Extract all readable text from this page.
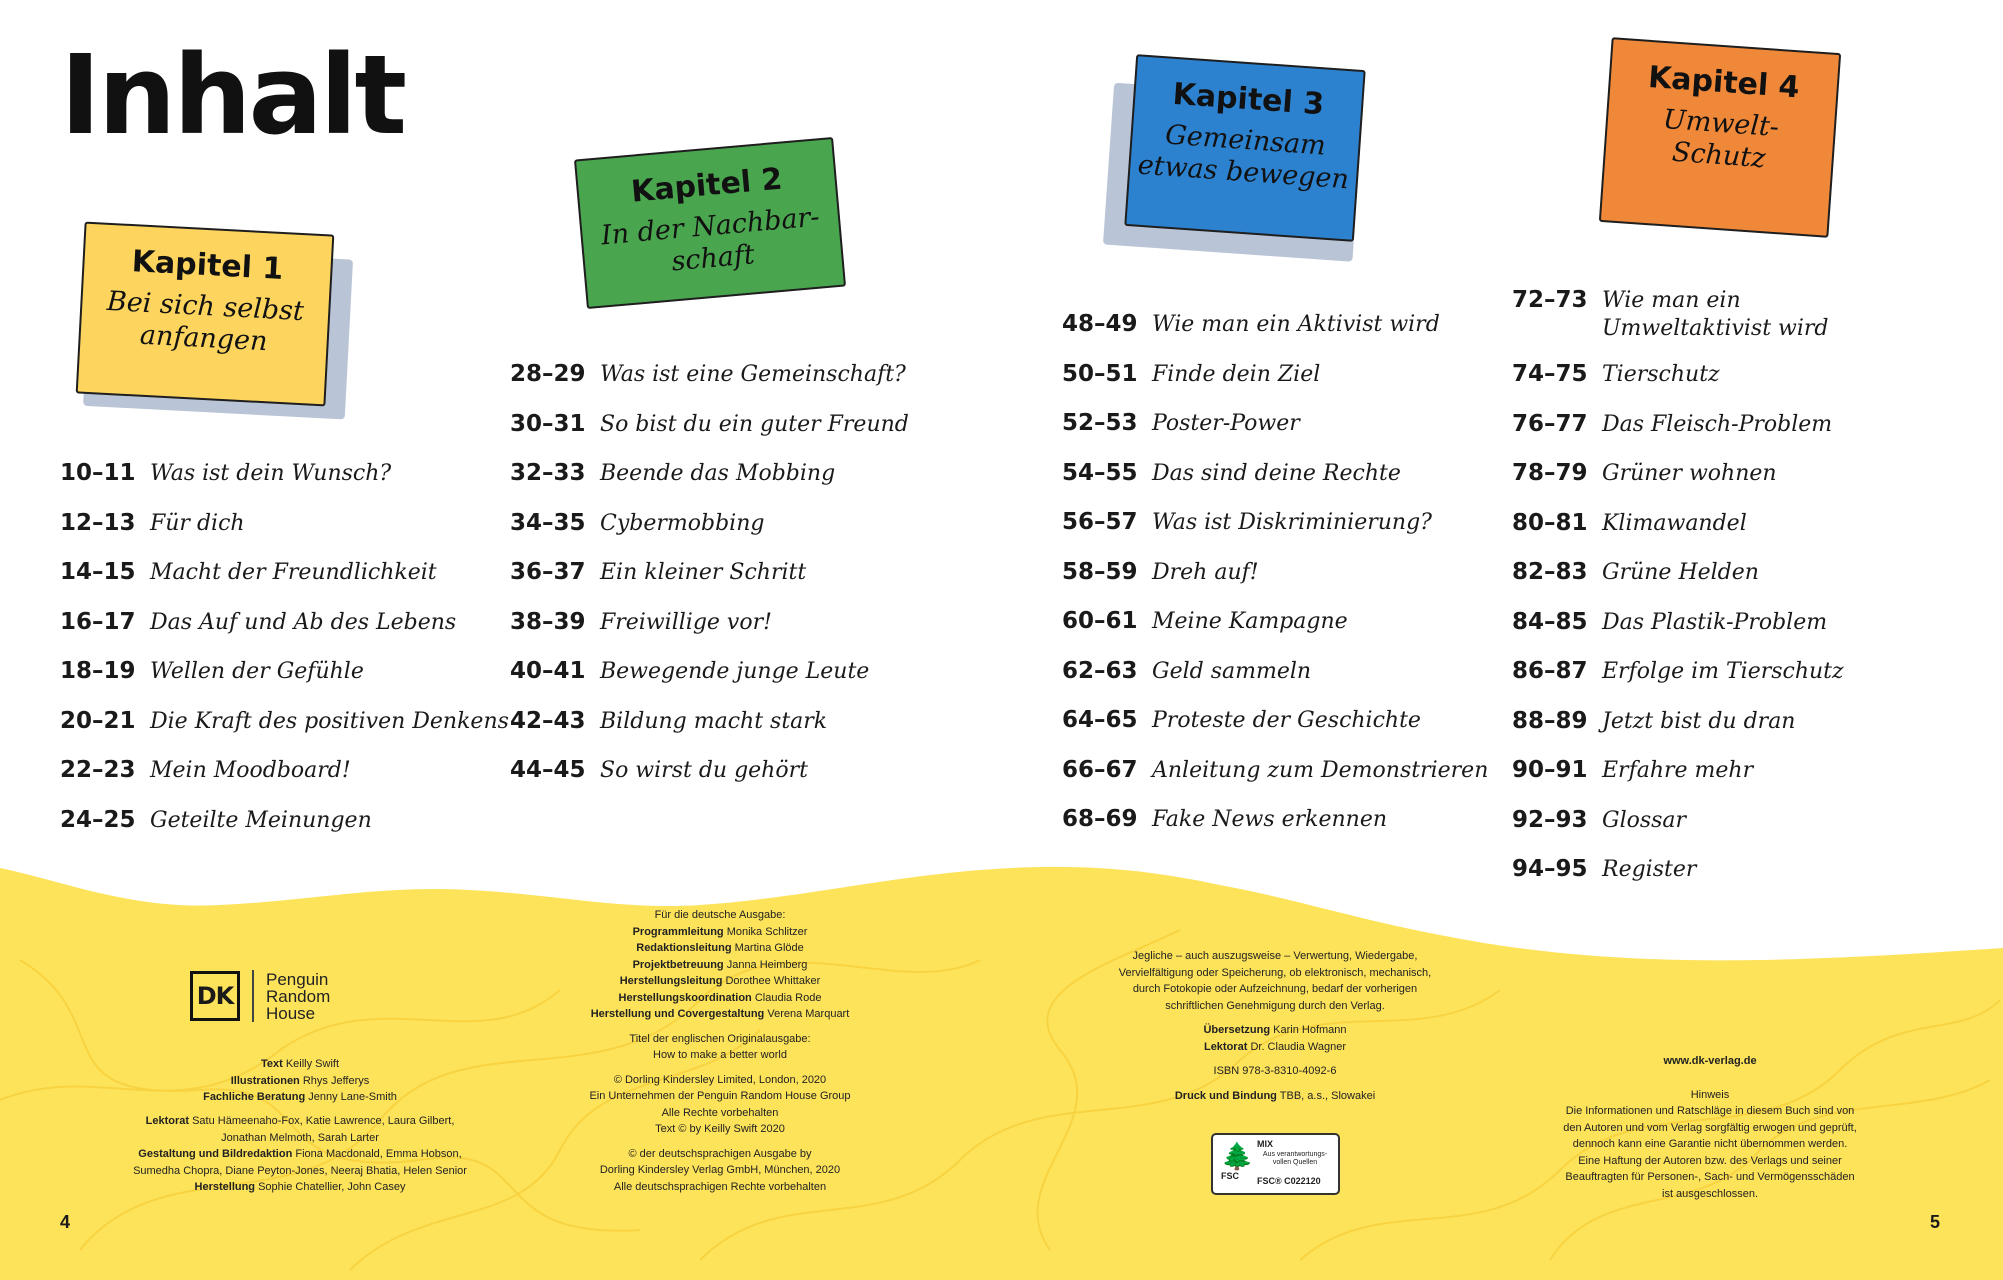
Inhalt
Kapitel 1
Bei sich selbst
anfangen
Kapitel 2
In der Nachbar-
schaft
Kapitel 3
Gemeinsam
etwas bewegen
Kapitel 4
Umwelt-
Schutz
10–11 Was ist dein Wunsch?
12–13 Für dich
14–15 Macht der Freundlichkeit
16–17 Das Auf und Ab des Lebens
18–19 Wellen der Gefühle
20–21 Die Kraft des positiven Denkens
22–23 Mein Moodboard!
24–25 Geteilte Meinungen
28–29 Was ist eine Gemeinschaft?
30–31 So bist du ein guter Freund
32–33 Beende das Mobbing
34–35 Cybermobbing
36–37 Ein kleiner Schritt
38–39 Freiwillige vor!
40–41 Bewegende junge Leute
42–43 Bildung macht stark
44–45 So wirst du gehört
48–49 Wie man ein Aktivist wird
50–51 Finde dein Ziel
52–53 Poster-Power
54–55 Das sind deine Rechte
56–57 Was ist Diskriminierung?
58–59 Dreh auf!
60–61 Meine Kampagne
62–63 Geld sammeln
64–65 Proteste der Geschichte
66–67 Anleitung zum Demonstrieren
68–69 Fake News erkennen
72–73 Wie man ein
Umweltaktivist wird
74–75 Tierschutz
76–77 Das Fleisch-Problem
78–79 Grüner wohnen
80–81 Klimawandel
82–83 Grüne Helden
84–85 Das Plastik-Problem
86–87 Erfolge im Tierschutz
88–89 Jetzt bist du dran
90–91 Erfahre mehr
92–93 Glossar
94–95 Register
DK
Penguin
Random
House
Text Keilly Swift
Illustrationen Rhys Jefferys
Fachliche Beratung Jenny Lane-Smith
Lektorat Satu Hämeenaho-Fox, Katie Lawrence, Laura Gilbert,
Jonathan Melmoth, Sarah Larter
Gestaltung und Bildredaktion Fiona Macdonald, Emma Hobson,
Sumedha Chopra, Diane Peyton-Jones, Neeraj Bhatia, Helen Senior
Herstellung Sophie Chatellier, John Casey
Für die deutsche Ausgabe:
Programmleitung Monika Schlitzer
Redaktionsleitung Martina Glöde
Projektbetreuung Janna Heimberg
Herstellungsleitung Dorothee Whittaker
Herstellungskoordination Claudia Rode
Herstellung und Covergestaltung Verena Marquart
Titel der englischen Originalausgabe:
How to make a better world
© Dorling Kindersley Limited, London, 2020
Ein Unternehmen der Penguin Random House Group
Alle Rechte vorbehalten
Text © by Keilly Swift 2020
© der deutschsprachigen Ausgabe by
Dorling Kindersley Verlag GmbH, München, 2020
Alle deutschsprachigen Rechte vorbehalten
Jegliche – auch auszugsweise – Verwertung, Wiedergabe,
Vervielfältigung oder Speicherung, ob elektronisch, mechanisch,
durch Fotokopie oder Aufzeichnung, bedarf der vorherigen
schriftlichen Genehmigung durch den Verlag.
Übersetzung Karin Hofmann
Lektorat Dr. Claudia Wagner
ISBN 978-3-8310-4092-6
Druck und Bindung TBB, a.s., Slowakei
🌲
FSC
MIX
Aus verantwortungs- vollen Quellen
FSC® C022120
www.dk-verlag.de
Hinweis
Die Informationen und Ratschläge in diesem Buch sind von
den Autoren und vom Verlag sorgfältig erwogen und geprüft,
dennoch kann eine Garantie nicht übernommen werden.
Eine Haftung der Autoren bzw. des Verlags und seiner
Beauftragten für Personen-, Sach- und Vermögensschäden
ist ausgeschlossen.
4	5
